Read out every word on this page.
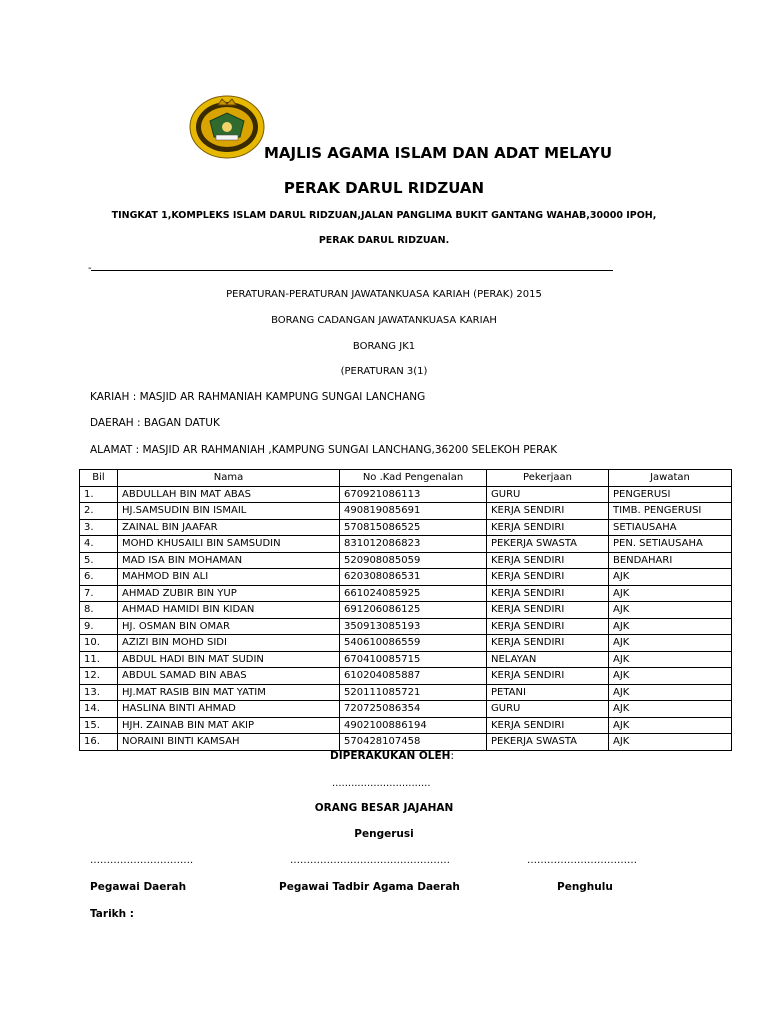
MAJLIS AGAMA ISLAM DAN ADAT MELAYU
PERAK DARUL RIDZUAN
TINGKAT 1,KOMPLEKS ISLAM DARUL RIDZUAN,JALAN PANGLIMA BUKIT GANTANG WAHAB,30000 IPOH,
PERAK DARUL RIDZUAN.
-
PERATURAN-PERATURAN JAWATANKUASA KARIAH (PERAK) 2015
BORANG CADANGAN JAWATANKUASA KARIAH
BORANG JK1
(PERATURAN 3(1)
KARIAH : MASJID AR RAHMANIAH KAMPUNG SUNGAI LANCHANG
DAERAH : BAGAN DATUK
ALAMAT : MASJID AR RAHMANIAH ,KAMPUNG SUNGAI LANCHANG,36200 SELEKOH PERAK
Bil	Nama	No .Kad Pengenalan	Pekerjaan	Jawatan
1.	ABDULLAH BIN MAT ABAS	670921086113	GURU	PENGERUSI
2.	HJ.SAMSUDIN BIN ISMAIL	490819085691	KERJA SENDIRI	TIMB. PENGERUSI
3.	ZAINAL BIN JAAFAR	570815086525	KERJA SENDIRI	SETIAUSAHA
4.	MOHD KHUSAILI BIN SAMSUDIN	831012086823	PEKERJA SWASTA	PEN. SETIAUSAHA
5.	MAD ISA BIN MOHAMAN	520908085059	KERJA SENDIRI	BENDAHARI
6.	MAHMOD BIN ALI	620308086531	KERJA SENDIRI	AJK
7.	AHMAD ZUBIR BIN YUP	661024085925	KERJA SENDIRI	AJK
8.	AHMAD HAMIDI BIN KIDAN	691206086125	KERJA SENDIRI	AJK
9.	HJ. OSMAN BIN OMAR	350913085193	KERJA SENDIRI	AJK
10.	AZIZI BIN MOHD SIDI	540610086559	KERJA SENDIRI	AJK
11.	ABDUL HADI BIN MAT SUDIN	670410085715	NELAYAN	AJK
12.	ABDUL SAMAD BIN ABAS	610204085887	KERJA SENDIRI	AJK
13.	HJ.MAT RASIB BIN MAT YATIM	520111085721	PETANI	AJK
14.	HASLINA BINTI AHMAD	720725086354	GURU	AJK
15.	HJH. ZAINAB BIN MAT AKIP	4902100886194	KERJA SENDIRI	AJK
16.	NORAINI BINTI KAMSAH	570428107458	PEKERJA SWASTA	AJK
DIPERAKUKAN OLEH:
...............................
ORANG BESAR JAJAHAN
Pengerusi
………………………….	…………………………………………	……………………………
Pegawai Daerah	Pegawai Tadbir Agama Daerah	Penghulu
Tarikh :
